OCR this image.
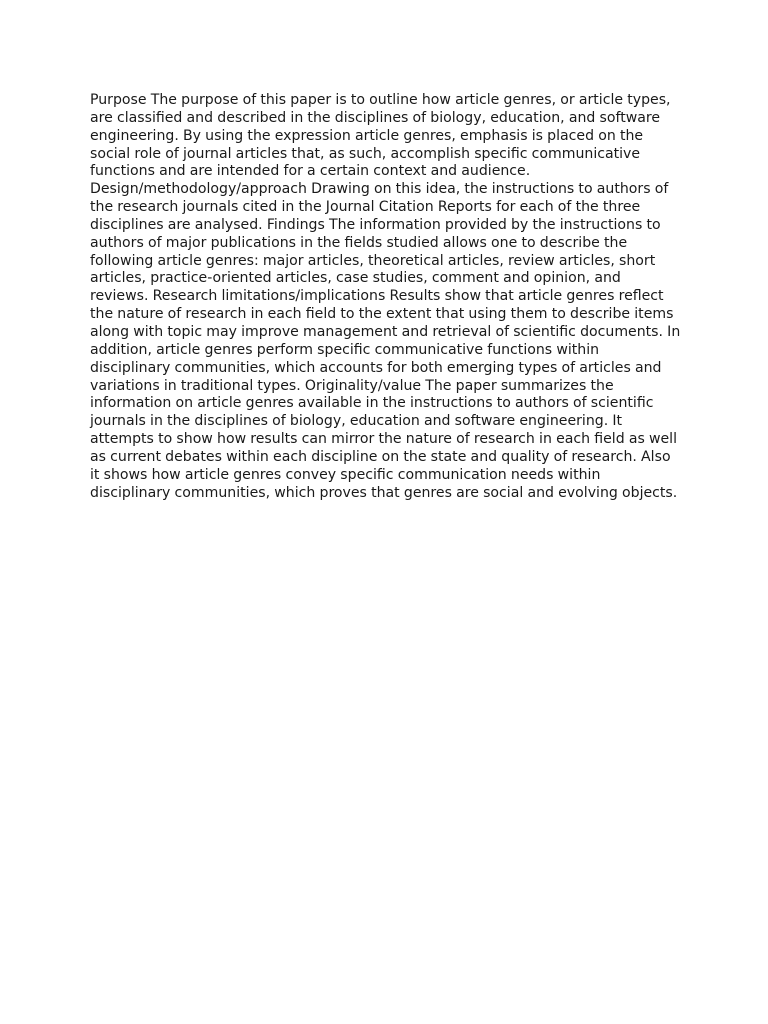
Purpose The purpose of this paper is to outline how article genres, or article types, are classified and described in the disciplines of biology, education, and software engineering. By using the expression article genres, emphasis is placed on the social role of journal articles that, as such, accomplish specific communicative functions and are intended for a certain context and audience. Design/methodology/approach Drawing on this idea, the instructions to authors of the research journals cited in the Journal Citation Reports for each of the three disciplines are analysed. Findings The information provided by the instructions to authors of major publications in the fields studied allows one to describe the following article genres: major articles, theoretical articles, review articles, short articles, practice-oriented articles, case studies, comment and opinion, and reviews. Research limitations/implications Results show that article genres reflect the nature of research in each field to the extent that using them to describe items along with topic may improve management and retrieval of scientific documents. In addition, article genres perform specific communicative functions within disciplinary communities, which accounts for both emerging types of articles and variations in traditional types. Originality/value The paper summarizes the information on article genres available in the instructions to authors of scientific journals in the disciplines of biology, education and software engineering. It attempts to show how results can mirror the nature of research in each field as well as current debates within each discipline on the state and quality of research. Also it shows how article genres convey specific communication needs within disciplinary communities, which proves that genres are social and evolving objects.
